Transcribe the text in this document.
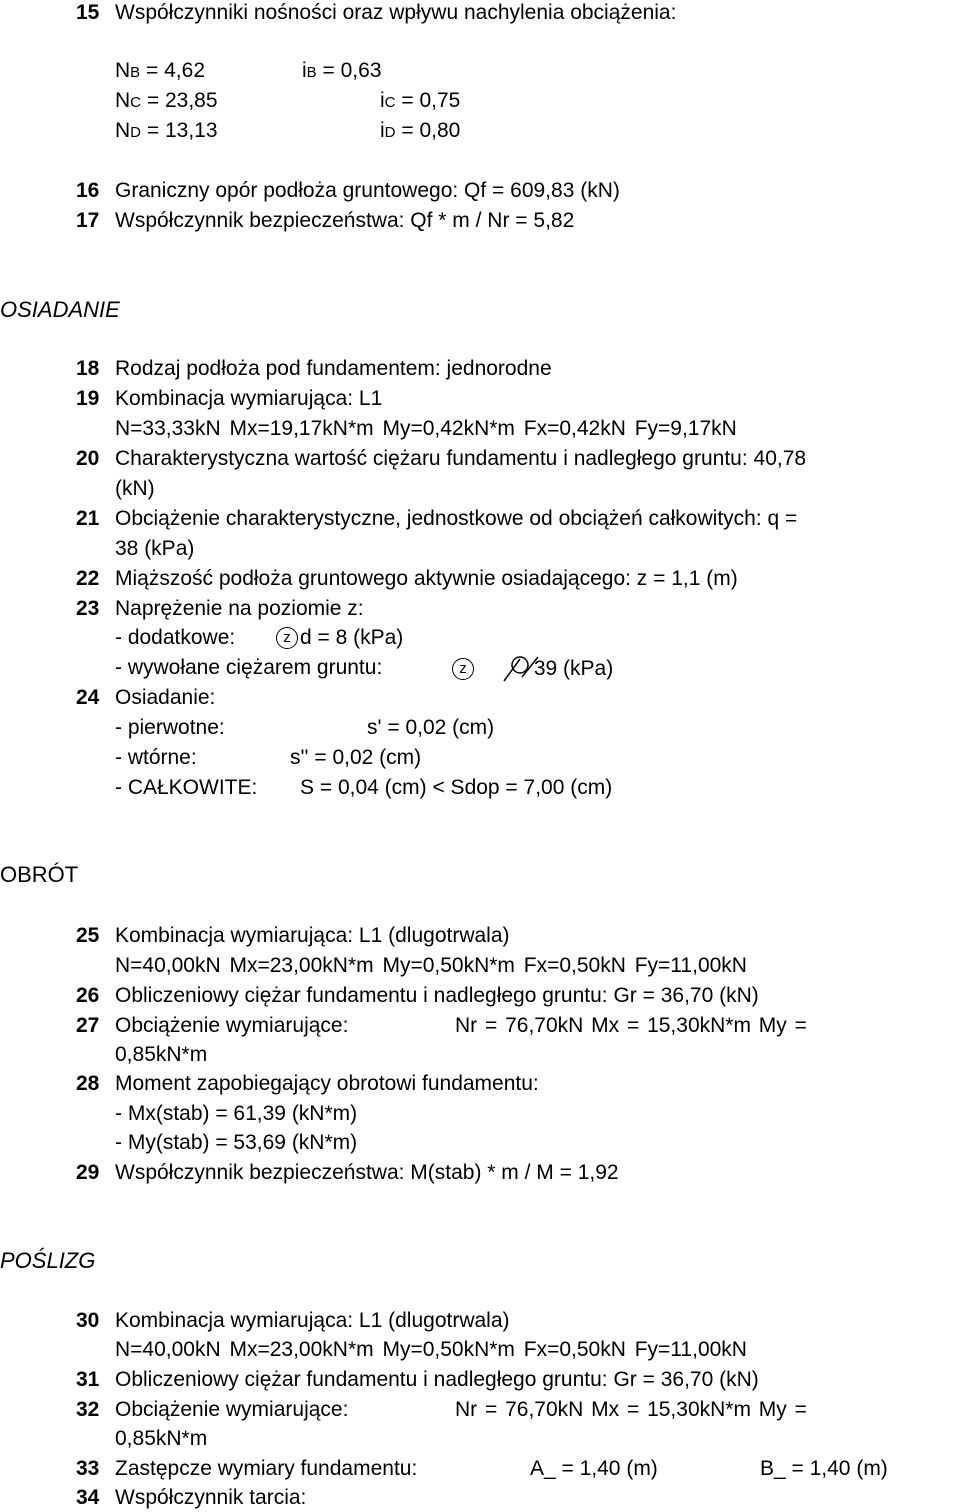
15 Współczynniki nośności oraz wpływu nachylenia obciążenia:
NB = 4,62	iB = 0,63
NC = 23,85	iC = 0,75
ND = 13,13	iD = 0,80
16 Graniczny opór podłoża gruntowego: Qf = 609,83 (kN)
17 Współczynnik bezpieczeństwa: Qf * m / Nr = 5,82
OSIADANIE
18 Rodzaj podłoża pod fundamentem: jednorodne
19 Kombinacja wymiarująca: L1
N=33,33kN Mx=19,17kN*m My=0,42kN*m Fx=0,42kN Fy=9,17kN
20 Charakterystyczna wartość ciężaru fundamentu i nadległego gruntu: 40,78
(kN)
21 Obciążenie charakterystyczne, jednostkowe od obciążeń całkowitych: q =
38 (kPa)
22 Miąższość podłoża gruntowego aktywnie osiadającego: z = 1,1 (m)
23 Naprężenie na poziomie z:
- dodatkowe:	z d = 8 (kPa)
- wywołane ciężarem gruntu:	z	39 (kPa)
24 Osiadanie:
- pierwotne:	s' = 0,02 (cm)
- wtórne:	s'' = 0,02 (cm)
- CAŁKOWITE: S = 0,04 (cm) < Sdop = 7,00 (cm)
OBRÓT
25 Kombinacja wymiarująca: L1 (dlugotrwala)
N=40,00kN Mx=23,00kN*m My=0,50kN*m Fx=0,50kN Fy=11,00kN
26 Obliczeniowy ciężar fundamentu i nadległego gruntu: Gr = 36,70 (kN)
27 Obciążenie wymiarujące:	Nr = 76,70kN Mx = 15,30kN*m My =
0,85kN*m
28 Moment zapobiegający obrotowi fundamentu:
- Mx(stab) = 61,39 (kN*m)
- My(stab) = 53,69 (kN*m)
29 Współczynnik bezpieczeństwa: M(stab) * m / M = 1,92
POŚLIZG
30 Kombinacja wymiarująca: L1 (dlugotrwala)
N=40,00kN Mx=23,00kN*m My=0,50kN*m Fx=0,50kN Fy=11,00kN
31 Obliczeniowy ciężar fundamentu i nadległego gruntu: Gr = 36,70 (kN)
32 Obciążenie wymiarujące:	Nr = 76,70kN Mx = 15,30kN*m My =
0,85kN*m
33 Zastępcze wymiary fundamentu:	A_ = 1,40 (m)	B_ = 1,40 (m)
34 Współczynnik tarcia:
